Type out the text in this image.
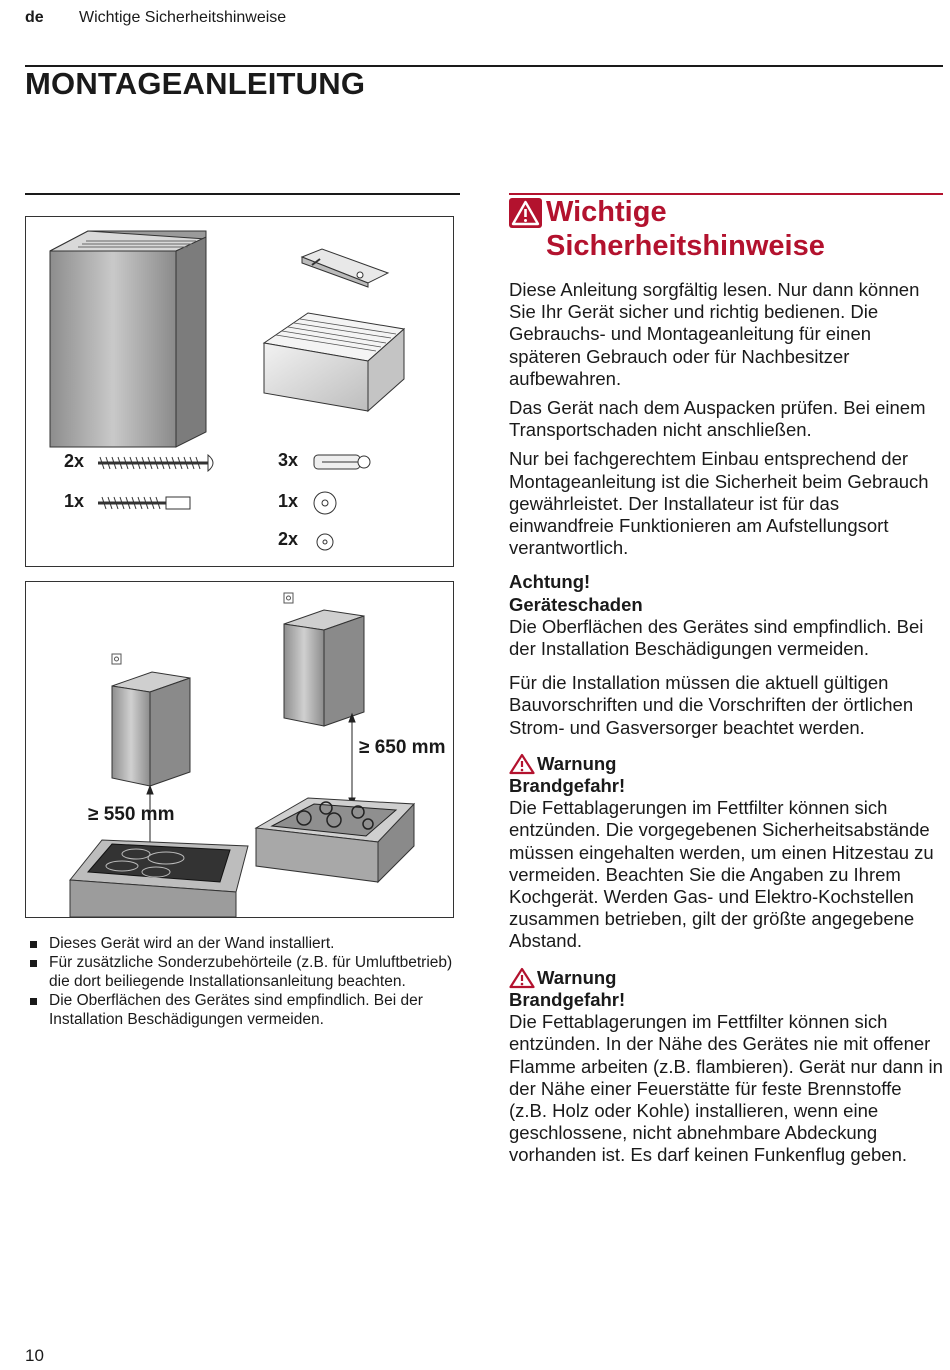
de Wichtige Sicherheitshinweise
MONTAGEANLEITUNG
2x	3x
1x	1x
2x
≥ 550 mm
≥ 650 mm
Dieses Gerät wird an der Wand installiert.
Für zusätzliche Sonderzubehörteile (z.B. für Umluftbetrieb) die dort beiliegende Installationsanleitung beachten.
Die Oberflächen des Gerätes sind empfindlich. Bei der Installation Beschädigungen vermeiden.
Wichtige
Sicherheitshinweise

Diese Anleitung sorgfältig lesen. Nur dann können Sie Ihr Gerät sicher und richtig bedienen. Die Gebrauchs- und Montageanleitung für einen späteren Gebrauch oder für Nachbesitzer aufbewahren.

Das Gerät nach dem Auspacken prüfen. Bei einem Transportschaden nicht anschließen.

Nur bei fachgerechtem Einbau entsprechend der Montageanleitung ist die Sicherheit beim Gebrauch gewährleistet. Der Installateur ist für das einwandfreie Funktionieren am Aufstellungsort verantwortlich.

Achtung!

Geräteschaden

Die Oberflächen des Gerätes sind empfindlich. Bei der Installation Beschädigungen vermeiden.

Für die Installation müssen die aktuell gültigen Bauvorschriften und die Vorschriften der örtlichen Strom- und Gasversorger beachtet werden.

Warnung

Brandgefahr!

Die Fettablagerungen im Fettfilter können sich entzünden. Die vorgegebenen Sicherheitsabstände müssen eingehalten werden, um einen Hitzestau zu vermeiden. Beachten Sie die Angaben zu Ihrem Kochgerät. Werden Gas- und Elektro-Kochstellen zusammen betrieben, gilt der größte angegebene Abstand.

Warnung

Brandgefahr!

Die Fettablagerungen im Fettfilter können sich entzünden. In der Nähe des Gerätes nie mit offener Flamme arbeiten (z.B. flambieren). Gerät nur dann in der Nähe einer Feuerstätte für feste Brennstoffe (z.B. Holz oder Kohle) installieren, wenn eine geschlossene, nicht abnehmbare Abdeckung vorhanden ist. Es darf keinen Funkenflug geben.

10
